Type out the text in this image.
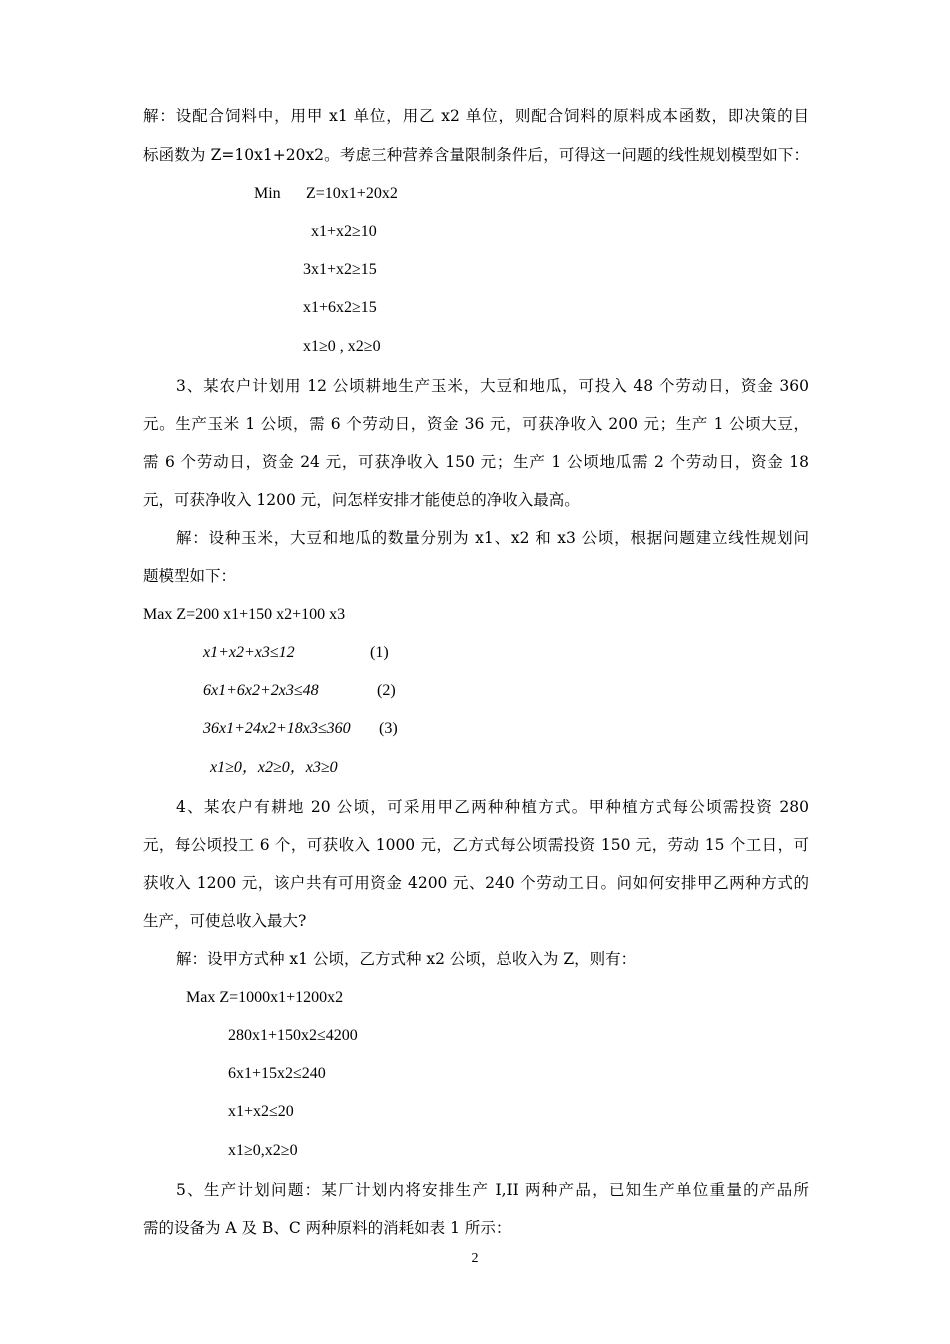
解：设配合饲料中，用甲 x1 单位，用乙 x2 单位，则配合饲料的原料成本函数，即决策的目
标函数为 Z=10x1+20x2。考虑三种营养含量限制条件后，可得这一问题的线性规划模型如下：
Min Z=10x1+20x2
x1+x2≥10
3x1+x2≥15
x1+6x2≥15
x1≥0 , x2≥0
3、某农户计划用 12 公顷耕地生产玉米，大豆和地瓜，可投入 48 个劳动日，资金 360
元。生产玉米 1 公顷，需 6 个劳动日，资金 36 元，可获净收入 200 元；生产 1 公顷大豆，
需 6 个劳动日，资金 24 元，可获净收入 150 元；生产 1 公顷地瓜需 2 个劳动日，资金 18
元，可获净收入 1200 元，问怎样安排才能使总的净收入最高。
解：设种玉米，大豆和地瓜的数量分别为 x1、x2 和 x3 公顷，根据问题建立线性规划问
题模型如下：
Max Z=200 x1+150 x2+100 x3
x1+x2+x3≤12	(1)
6x1+6x2+2x3≤48	(2)
36x1+24x2+18x3≤360 (3)
x1≥0，x2≥0，x3≥0
4、某农户有耕地 20 公顷，可采用甲乙两种种植方式。甲种植方式每公顷需投资 280
元，每公顷投工 6 个，可获收入 1000 元，乙方式每公顷需投资 150 元，劳动 15 个工日，可
获收入 1200 元，该户共有可用资金 4200 元、240 个劳动工日。问如何安排甲乙两种方式的
生产，可使总收入最大?
解：设甲方式种 x1 公顷，乙方式种 x2 公顷，总收入为 Z，则有：
Max Z=1000x1+1200x2
280x1+150x2≤4200
6x1+15x2≤240
x1+x2≤20
x1≥0,x2≥0
5、生产计划问题：某厂计划内将安排生产 I,II 两种产品，已知生产单位重量的产品所
需的设备为 A 及 B、C 两种原料的消耗如表 1 所示：
2
